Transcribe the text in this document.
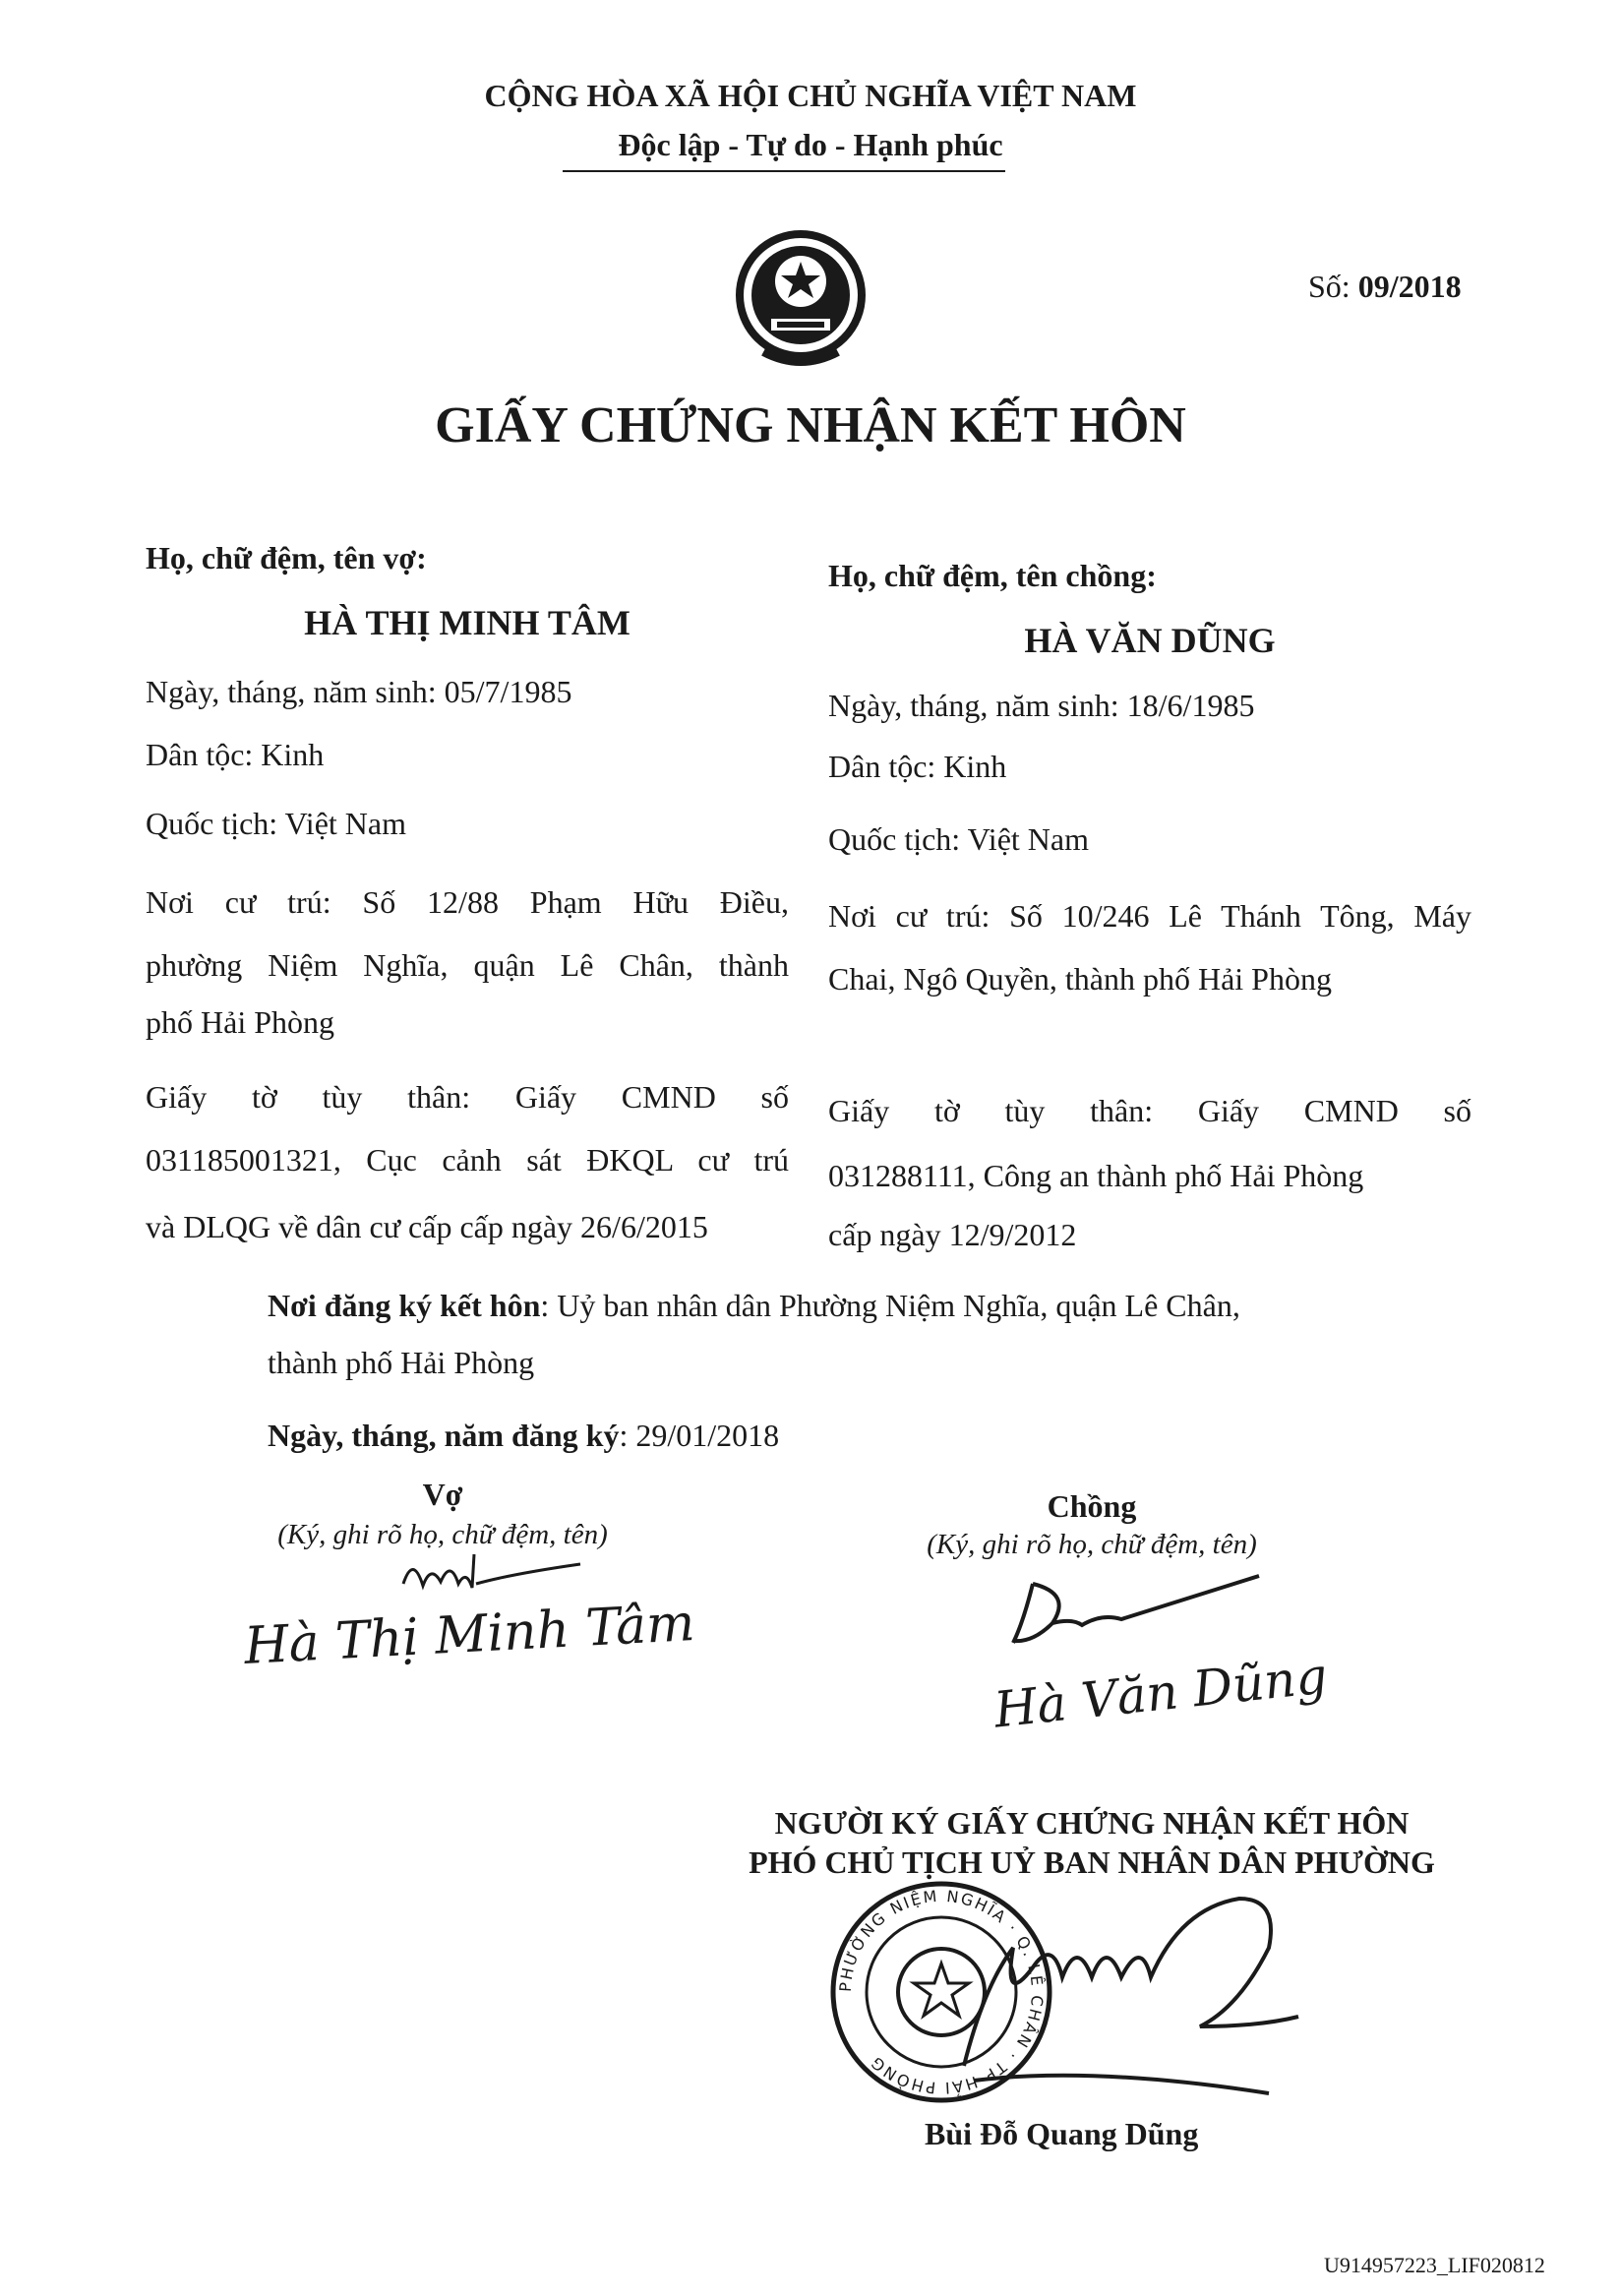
CỘNG HÒA XÃ HỘI CHỦ NGHĨA VIỆT NAM
Độc lập - Tự do - Hạnh phúc
Số: 09/2018
GIẤY CHỨNG NHẬN KẾT HÔN
Họ, chữ đệm, tên vợ:
HÀ THỊ MINH TÂM
Ngày, tháng, năm sinh: 05/7/1985
Dân tộc: Kinh
Quốc tịch: Việt Nam
Nơi cư trú: Số 12/88 Phạm Hữu Điều,
phường Niệm Nghĩa, quận Lê Chân, thành
phố Hải Phòng
Giấy tờ tùy thân: Giấy CMND số
031185001321, Cục cảnh sát ĐKQL cư trú
và DLQG về dân cư cấp cấp ngày 26/6/2015
Họ, chữ đệm, tên chồng:
HÀ VĂN DŨNG
Ngày, tháng, năm sinh: 18/6/1985
Dân tộc: Kinh
Quốc tịch: Việt Nam
Nơi cư trú: Số 10/246 Lê Thánh Tông, Máy
Chai, Ngô Quyền, thành phố Hải Phòng
Giấy tờ tùy thân: Giấy CMND số
031288111, Công an thành phố Hải Phòng
cấp ngày 12/9/2012
Nơi đăng ký kết hôn: Uỷ ban nhân dân Phường Niệm Nghĩa, quận Lê Chân,
thành phố Hải Phòng
Ngày, tháng, năm đăng ký: 29/01/2018
Vợ
(Ký, ghi rõ họ, chữ đệm, tên)
Chồng
(Ký, ghi rõ họ, chữ đệm, tên)
Hà Thị Minh Tâm
Hà Văn Dũng
NGƯỜI KÝ GIẤY CHỨNG NHẬN KẾT HÔN
PHÓ CHỦ TỊCH UỶ BAN NHÂN DÂN PHƯỜNG
PHƯỜNG NIỆM NGHĨA · Q. LÊ CHÂN · TP HẢI PHÒNG
Bùi Đỗ Quang Dũng
U914957223_LIF020812
